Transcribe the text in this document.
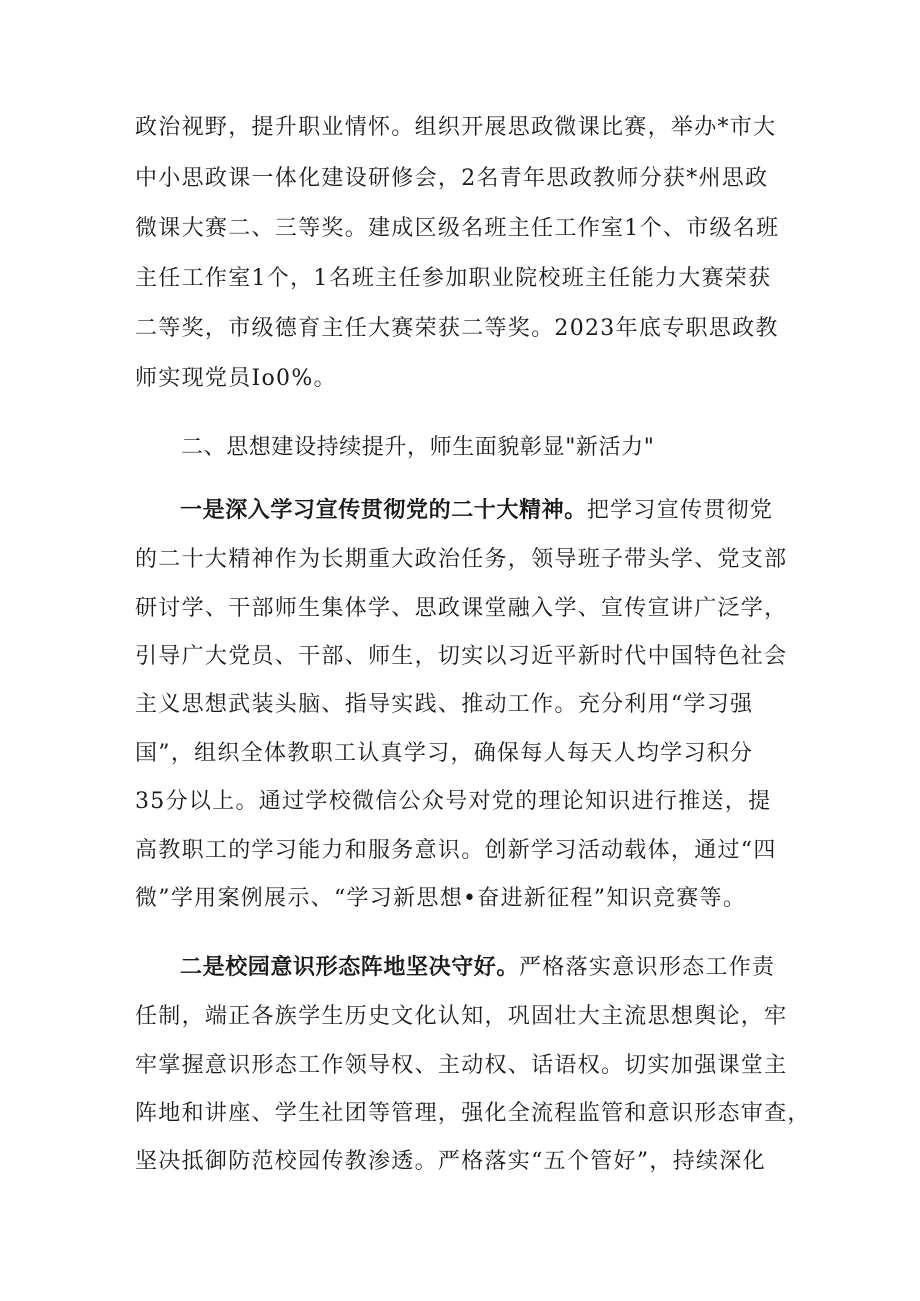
政治视野，提升职业情怀。组织开展思政微课比赛，举办*市大
中小思政课一体化建设研修会，2名青年思政教师分获*州思政
微课大赛二、三等奖。建成区级名班主任工作室1个、市级名班
主任工作室1个，1名班主任参加职业院校班主任能力大赛荣获
二等奖，市级德育主任大赛荣获二等奖。2023年底专职思政教
师实现党员Io0%。
二、思想建设持续提升，师生面貌彰显"新活力"
一是深入学习宣传贯彻党的二十大精神。把学习宣传贯彻党
的二十大精神作为长期重大政治任务，领导班子带头学、党支部
研讨学、干部师生集体学、思政课堂融入学、宣传宣讲广泛学，
引导广大党员、干部、师生，切实以习近平新时代中国特色社会
主义思想武装头脑、指导实践、推动工作。充分利用“学习强
国”，组织全体教职工认真学习，确保每人每天人均学习积分
35分以上。通过学校微信公众号对党的理论知识进行推送，提
高教职工的学习能力和服务意识。创新学习活动载体，通过“四
微”学用案例展示、“学习新思想•奋进新征程”知识竞赛等。
二是校园意识形态阵地坚决守好。严格落实意识形态工作责
任制，端正各族学生历史文化认知，巩固壮大主流思想舆论，牢
牢掌握意识形态工作领导权、主动权、话语权。切实加强课堂主
阵地和讲座、学生社团等管理，强化全流程监管和意识形态审查，
坚决抵御防范校园传教渗透。严格落实“五个管好”，持续深化
